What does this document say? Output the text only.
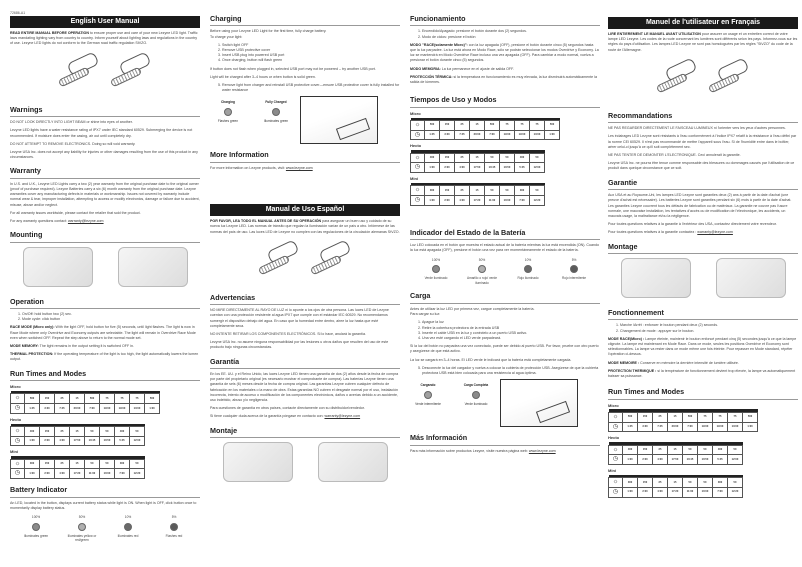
72686-A1
English User Manual

READ ENTIRE MANUAL BEFORE OPERATION to ensure proper use and care of your new Lezyne LED light. Traffic laws mandating lighting vary from country to country. Inform yourself about lighting laws and regulations in the country of use. Lezyne LED lights do not conform to the German road traffic regulation StVZO.

Warnings

DO NOT LOOK DIRECTLY INTO LIGHT BEAM or shine into eyes of another.

Lezyne LED lights have a water resistance rating of IPX7 under IEC standard 60529. Submerging the device is not recommended. If moisture does enter the casing, air out until completely dry.

DO NOT ATTEMPT TO REMOVE ELECTRONICS. Doing so will void warranty.

Lezyne USA Inc. does not accept any liability for injuries or other damages resulting from the use of this product in any circumstances.

Warranty

In U.S. and U.K., Lezyne LED Lights carry a two (2) year warranty from the original purchase date to the original owner (proof of purchase required). Lezyne Batteries carry a six (6) month warranty from the original purchase date. Lezyne warranties cover any manufacturing defects in materials or workmanship. Issues not covered by warranty include normal wear & tear, improper installation, attempting to access or modify electronics, damage or failure due to accident, misuse, abuse and/or neglect.

For all warranty issues worldwide, please contact the retailer that sold the product.

For any warranty questions contact: warranty@lezyne.com

Mounting
Operation
1. On/Off: hold button two (2) sec.
2. Mode cycle: click button

RACE MODE (Micro only): With the light OFF, hold button for five (5) seconds, until light flashes. The light is now in Race Mode where only Overdrive and Economy outputs are selectable. The light will remain in Overdrive Race Mode even when switched OFF. Repeat the step above to return to the normal mode set.

MODE MEMORY: The light remains in the output setting it is switched OFF in.

THERMAL PROTECTION: If the operating temperature of the light is too high, the light automatically lowers the lumen output.

Run Times and Modes
Micro

☼	500	150	25	15	500	75	75	75	500
◷	1:45	3:30	7:45	20:00	7:00	19:00	19:00	13:00	1:00
Hecto

☼	400	150	25	15	50	50	400	50
◷	1:00	2:00	4:00	17:50	10:45	10:50	5:45	12:00
Mini

☼	300	150	25	15	50	50	300	50
◷	1:00	2:00	4:00	17:20	11:00	10:00	7:00	12:20
Battery Indicator

An LED, located in the button, displays current battery status while light is ON. When light is OFF, click button once to momentarily display battery status.

100%
Illuminates green
50%
Illuminates yellow or red/green
10%
Illuminates red
5%
Flashes red
Charging

Before using your Lezyne LED Light for the first time, fully charge battery.

To charge your light:

1. Switch light OFF
2. Remove USB protective cover
3. Insert USB plug into powered USB port
4. Once charging, button will flash green

If button does not flash when plugged in, selected USB port may not be powered – try another USB port.

Light will be charged after 3–4 hours or when button is solid green.

5. Remove light from charger and reinstall USB protective cover—ensure USB protective cover is fully installed for water resistance
Charging
Flashes green
Fully Charged
Illuminates green
More Information

For more information on Lezyne products, visit: www.lezyne.com

Manual de Uso Español

POR FAVOR, LEA TODO EL MANUAL ANTES DE SU OPERACIÓN para asegurar un buen uso y cuidado de su nueva luz Lezyne LED. Las normas de tránsito que regulan la iluminación varían de un país a otro. Infórmese de las normas del país de uso. Las luces LED de Lezyne no cumplen con las regulaciones de la circulación alemanas StVZO.

Advertencias

NO MIRE DIRECTAMENTE AL RAYO DE LUZ ni lo apunte a los ojos de otra persona. Las luces LED de Lezyne cuentan con una protección resistente al agua IPX7 que cumple con el estándar IEC 60529. No recomendamos sumergir el dispositivo debajo del agua. En caso que la humedad entre dentro, airee la luz hasta que esté completamente seca.

NO INTENTE RETIRAR LOS COMPONENTES ELECTRÓNICOS. Si lo hace, anulará la garantía.

Lezyne USA Inc. no asume ninguna responsabilidad por las lesiones u otros daños que resulten del uso de este producto bajo ningunas circunstancias.

Garantía

En los EE. UU. y el Reino Unido, las luces Lezyne LED tienen una garantía de dos (2) años desde la fecha de compra por parte del propietario original (es necesario mostrar el comprobante de compra). Las baterías Lezyne tienen una garantía de seis (6) meses desde la fecha de compra original. Las garantías Lezyne cubren cualquier defecto de fabricación en los materiales o la mano de obra. Estas garantías NO cubren el desgaste normal por el uso, instalación incorrecta, intento de acceso o modificación de los componentes electrónicos, daños o averías debido a un accidente, uso indebido, abuso y/o negligencia.

Para cuestiones de garantía en otros países, contacte directamente con su distribuidor/vendedor.

Si tiene cualquier duda acerca de la garantía póngase en contacto con: warranty@lezyne.com

Montaje
Funcionamiento
1. Encendido/Apagado: presione el botón durante dos (2) segundos.
2. Modo de ciclos: presione el botón

MODO "RACE(solamente Micro)": con la luz apagada (OFF), presione el botón durante cinco (5) segundos hasta que la luz parpadee. La luz está ahora en Modo Race, sólo se podrán seleccionar los modos Overdrive y Economy. La luz se mantendrá en Modo Overdrive Race incluso una vez apagada (OFF). Para cambiar a modo normal, vuelva a presionar el botón durante cinco (5) segundos.

MODO MEMORIA: La luz permanece en el ajuste de salida OFF.

PROTECCIÓN TÉRMICA: si la temperatura en funcionamiento es muy elevada, la luz disminuirá automáticamente la salida de lúmenes.

Tiempos de Uso y Modos
Micro

☼	500	150	25	15	500	75	75	75	500
◷	1:45	3:30	7:45	20:00	7:00	19:00	19:00	13:00	1:00
Hecto

☼	400	150	25	15	50	50	400	50
◷	1:00	2:00	4:00	17:50	10:45	10:50	5:45	12:00
Mini

☼	300	150	25	15	50	50	300	50
◷	1:00	2:00	4:00	17:20	11:00	10:00	7:00	12:20
Indicador del Estado de la Batería

Luz LED colocada en el botón que muestra el estado actual de la batería mientras la luz está encendida (ON). Cuando la luz está apagada (OFF), presione el botón una vez para ver momentáneamente el estado de la batería.

100%
Verde iluminado
50%
Amarillo o rojo/ verde iluminado
10%
Rojo iluminado
5%
Rojo intermitente
Carga

Antes de utilizar la luz LED por primera vez, cargue completamente la batería.

Para cargar su luz:

1. Apague la luz
2. Retire la cobertura protectora de la entrada USB
3. Inserte el cable USB en la luz y conéctelo a un puerto USB activo.
4. Una vez esté cargando el LED verde parpadeará.

Si la luz del botón no parpadea una vez conectado, puede ser debido al puerto USB. Por favor, pruebe con otro puerto y asegúrese de que está activo.

La luz se cargará en 3–4 horas. El LED verde le indicará que la batería está completamente cargada.

5. Desconecte la luz del cargador y vuelva a colocar la cubierta de protección USB. Asegúrese de que la cubierta protectora USB está bien colocada para una resistencia al agua óptima.
Cargando
Verde intermitente
Carga Completa
Verde iluminado
Más Información

Para más información sobre productos Lezyne, visite nuestra página web: www.lezyne.com

Manuel de l'utilisateur en Français

LIRE ENTIEREMENT LE MANUEL AVANT UTILISATION pour assurer un usage et un entretien correct de votre lampe LED Lezyne. Les codes de la route concernant les lumières sont différents selon les pays. Informez-vous sur les règles du pays d'utilisation. Les lampes LED Lezyne ne sont pas homologuées par les règles "StVZO" du code de la route de l'Allemagne.

Recommandations

NE PAS REGARDER DIRECTEMENT LE FAISCEAU LUMINEUX ni l'orienter vers les yeux d'autres personnes.

Les éclairages LED Lezyne sont résistants à l'eau conformément à l'indice IPX7 relatif à la résistance à l'eau défini par la norme CEI 60529. Il n'est pas recommandé de mettre l'appareil sous l'eau. Si de l'humidité entre dans le boîtier, aérer celui-ci jusqu'à ce qu'il soit complètement sec.

NE PAS TENTER DE DEMONTER L'ELECTRONIQUE. Ceci annulerait la garantie.

Lezyne USA Inc. ne pourra être tenue comme responsable des blessures ou dommages causés par l'utilisation de ce produit dans quelque circonstance que ce soit.

Garantie

Aux USA et au Royaume-Uni, les lampes LED Lezyne sont garanties deux (2) ans à partir de la date d'achat (une preuve d'achat est nécessaire). Les batteries Lezyne sont garanties pendant six (6) mois à partir de la date d'achat. Les garanties Lezyne couvrent tous les défauts de fabrication ou de matériaux. La garantie ne couvre pas l'usure normale, une mauvaise installation, les tentatives d'accès ou de modification de l'électronique, les accidents, un mauvais usage, la maltraitance et/ou la négligence.

Pour toutes questions relatives à la garantie à l'extérieur des USA, contactez directement votre revendeur.

Pour toutes questions relatives à la garantie contactez : warranty@lezyne.com

Montage
Fonctionnement
1. Marche /Arrêt : enfoncer le bouton pendant deux (2) seconds.
2. Changement de mode : appuyer sur le bouton.

MODE RACE(Micro) : Lampe éteinte, maintenir le bouton enfoncé pendant cinq (5) secondes jusqu'à ce que la lampe clignote. La lampe est maintenant en Mode Race. Dans ce mode, seules les positions Overdrive et Economy sont sélectionnables. La lampe va rester dans ce mode même une fois éteinte. Pour repasser en Mode standard, répéter l'opération ci-dessus.

MODE MEMOIRE : Conserve en mémoire la dernière intensité de lumière utilisée.

PROTECTION THERMIQUE : si la température de fonctionnement devient trop élevée, la lampe va automatiquement baisser sa puissance.

Run Times and Modes
Micro

☼	500	150	25	15	500	75	75	75	500
◷	1:45	3:30	7:45	20:00	7:00	19:00	19:00	13:00	1:00
Hecto

☼	400	150	25	15	50	50	400	50
◷	1:00	2:00	4:00	17:50	10:45	10:50	5:45	12:00
Mini

☼	300	150	25	15	50	50	300	50
◷	1:00	2:00	4:00	17:20	11:00	10:00	7:00	12:20
